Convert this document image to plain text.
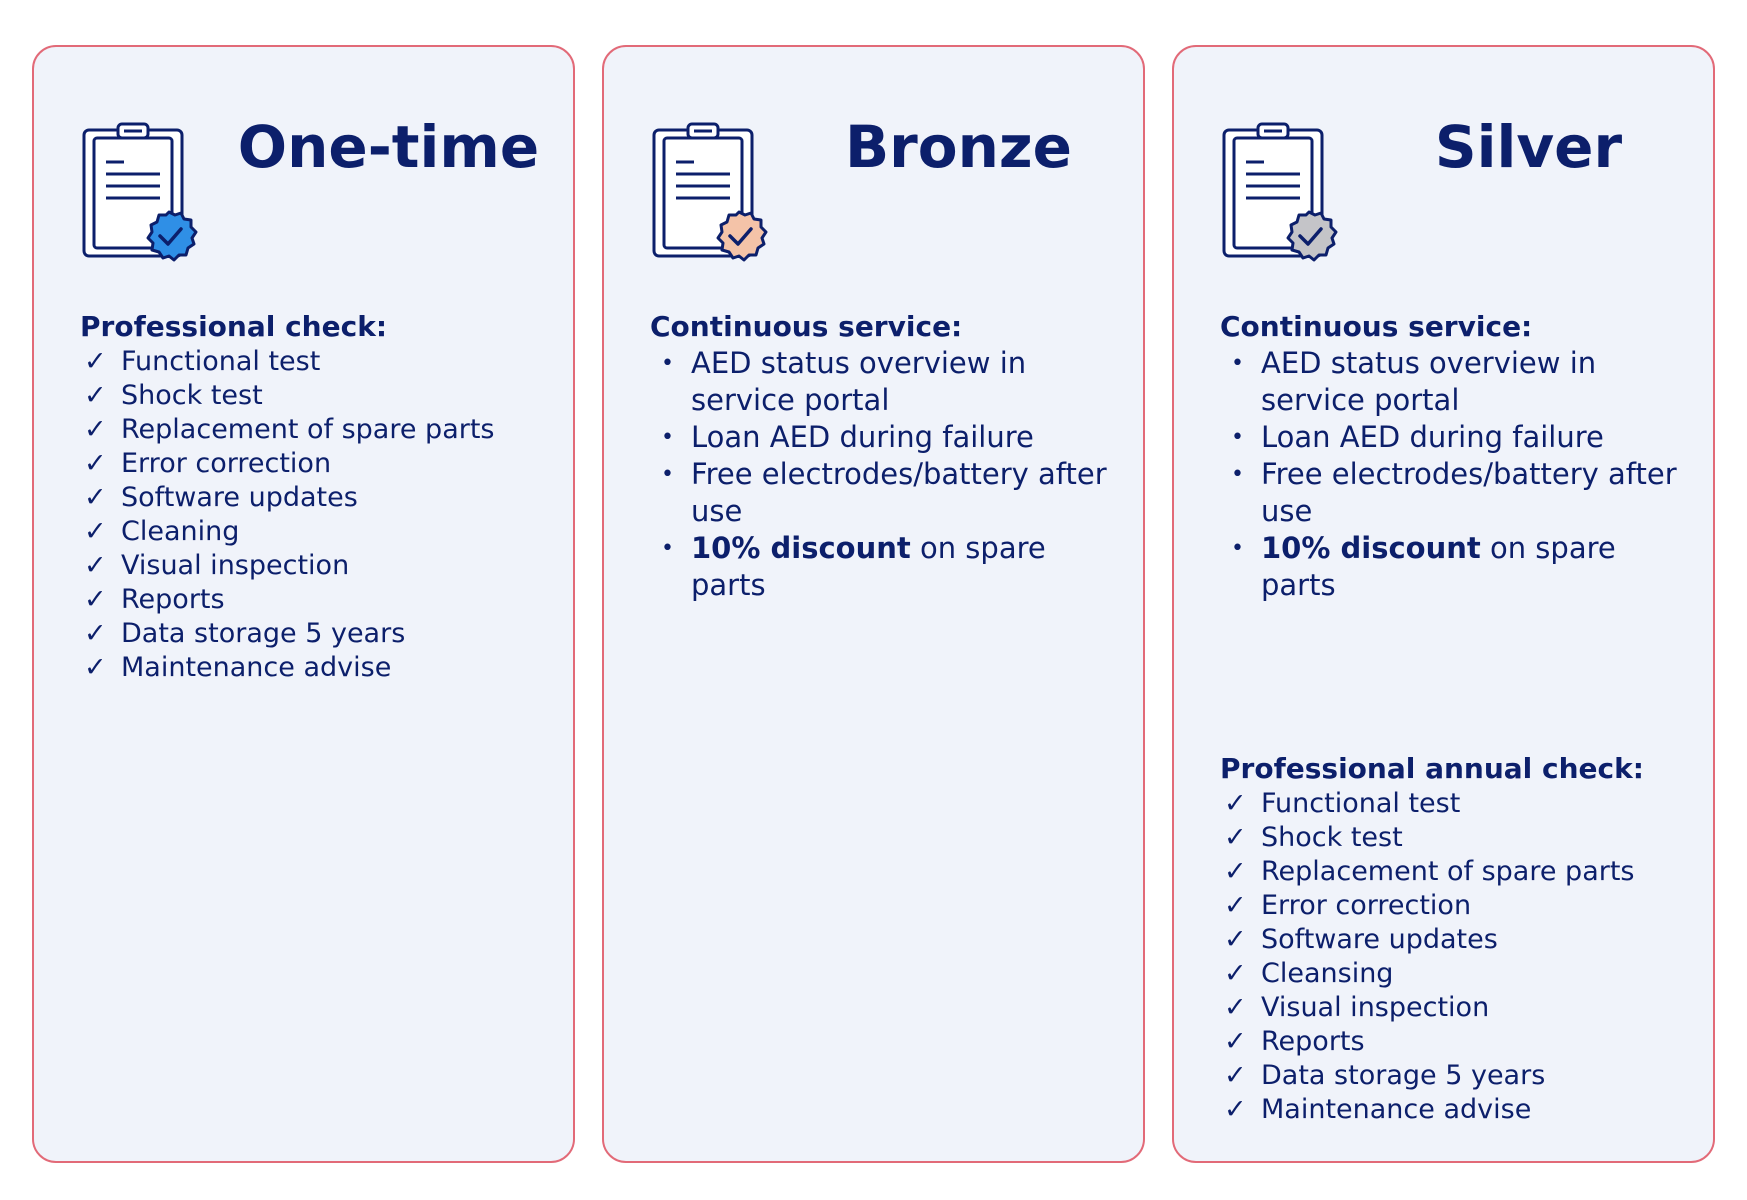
One-time

Professional check:

✓ Functional test
✓ Shock test
✓ Replacement of spare parts
✓ Error correction
✓ Software updates
✓ Cleaning
✓ Visual inspection
✓ Reports
✓ Data storage 5 years
✓ Maintenance advise
Bronze

Continuous service:

• AED status overview in service portal
• Loan AED during failure
• Free electrodes/battery after use
• 10% discount on spare parts
Silver

Continuous service:

• AED status overview in service portal
• Loan AED during failure
• Free electrodes/battery after use
• 10% discount on spare parts

Professional annual check:

✓ Functional test
✓ Shock test
✓ Replacement of spare parts
✓ Error correction
✓ Software updates
✓ Cleansing
✓ Visual inspection
✓ Reports
✓ Data storage 5 years
✓ Maintenance advise
